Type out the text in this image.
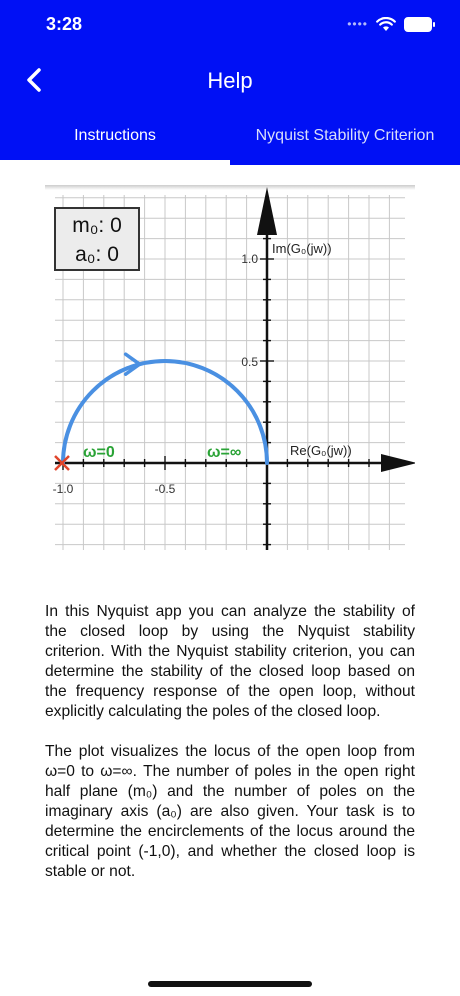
3:28	••••
Help
Instructions	Nyquist Stability Criterion
m₀: 0
a₀: 0	Im(G₀(jw))
Re(G₀(jw))
1.0
0.5
-1.0	-0.5
ω=0	ω=∞

In this Nyquist app you can analyze the stability of the closed loop by using the Nyquist stability criterion. With the Nyquist stability criterion, you can determine the stability of the closed loop based on the frequency response of the open loop, without explicitly calculating the poles of the closed loop.

The plot visualizes the locus of the open loop from ω=0 to ω=∞. The number of poles in the open right half plane (m₀) and the number of poles on the imaginary axis (a₀) are also given. Your task is to determine the encirclements of the locus around the critical point (-1,0), and whether the closed loop is stable or not.
